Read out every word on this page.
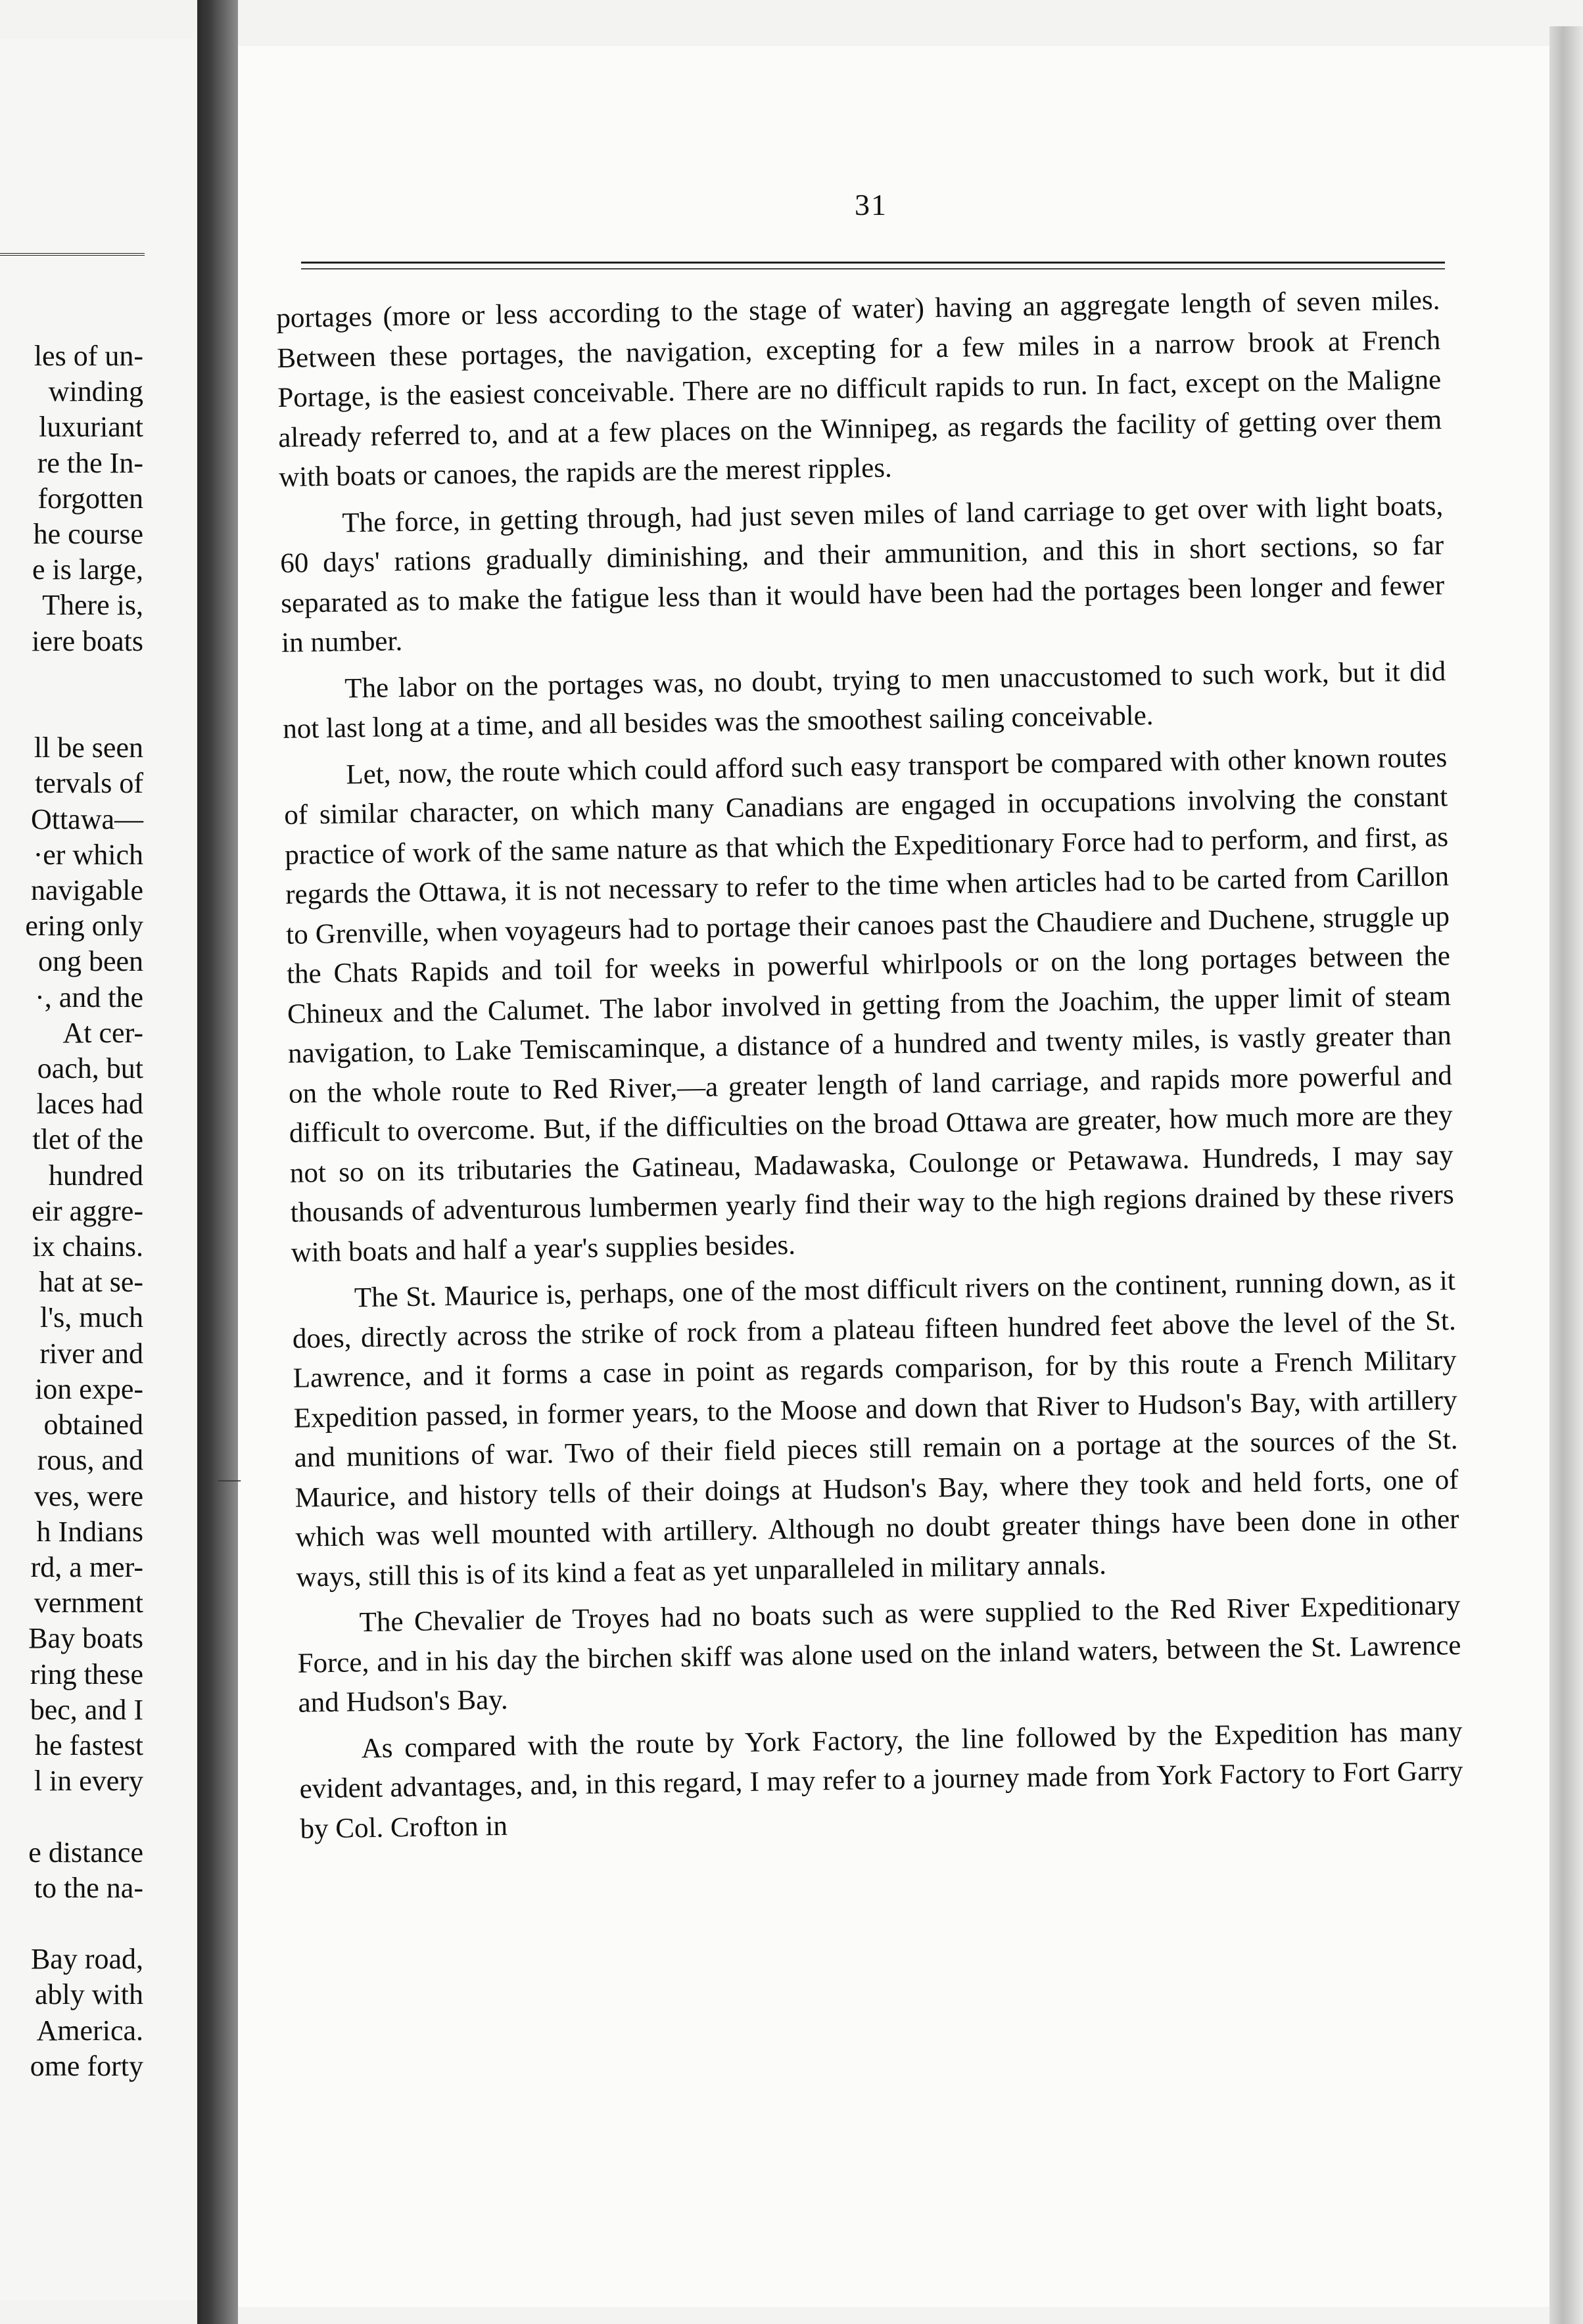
les of un-
winding
luxuriant
re the In-
forgotten
he course
e is large,
There is,
iere boats

ll be seen
tervals of
Ottawa—
·er which
navigable
ering only
ong been
·, and the
At cer-
oach, but
laces had
tlet of the
hundred
eir aggre-
ix chains.
hat at se-
l's, much
river and
ion expe-
obtained
rous, and
ves, were
h Indians
rd, a mer-
vernment
Bay boats
ring these
bec, and I
he fastest
l in every

e distance
to the na-

Bay road,
ably with
America.
ome forty
31

portages (more or less according to the stage of water) having an aggregate length of seven miles. Between these portages, the navigation, excepting for a few miles in a narrow brook at French Portage, is the easiest conceivable. There are no difficult rapids to run. In fact, except on the Maligne already referred to, and at a few places on the Winnipeg, as regards the facility of getting over them with boats or canoes, the rapids are the merest ripples.

The force, in getting through, had just seven miles of land carriage to get over with light boats, 60 days' rations gradually diminishing, and their ammunition, and this in short sections, so far separated as to make the fatigue less than it would have been had the portages been longer and fewer in number.

The labor on the portages was, no doubt, trying to men unaccustomed to such work, but it did not last long at a time, and all besides was the smoothest sailing conceivable.

Let, now, the route which could afford such easy transport be compared with other known routes of similar character, on which many Canadians are engaged in occupations involving the constant practice of work of the same nature as that which the Expeditionary Force had to perform, and first, as regards the Ottawa, it is not necessary to refer to the time when articles had to be carted from Carillon to Grenville, when voyageurs had to portage their canoes past the Chaudiere and Duchene, struggle up the Chats Rapids and toil for weeks in powerful whirlpools or on the long portages between the Chineux and the Calumet. The labor involved in getting from the Joachim, the upper limit of steam navigation, to Lake Temiscaminque, a distance of a hundred and twenty miles, is vastly greater than on the whole route to Red River,—a greater length of land carriage, and rapids more powerful and difficult to overcome. But, if the difficulties on the broad Ottawa are greater, how much more are they not so on its tributaries the Gatineau, Madawaska, Coulonge or Petawawa. Hundreds, I may say thousands of adventurous lumbermen yearly find their way to the high regions drained by these rivers with boats and half a year's supplies besides.

The St. Maurice is, perhaps, one of the most difficult rivers on the continent, running down, as it does, directly across the strike of rock from a plateau fifteen hundred feet above the level of the St. Lawrence, and it forms a case in point as regards comparison, for by this route a French Military Expedition passed, in former years, to the Moose and down that River to Hudson's Bay, with artillery and munitions of war. Two of their field pieces still remain on a portage at the sources of the St. Maurice, and history tells of their doings at Hudson's Bay, where they took and held forts, one of which was well mounted with artillery. Although no doubt greater things have been done in other ways, still this is of its kind a feat as yet unparalleled in military annals.

The Chevalier de Troyes had no boats such as were supplied to the Red River Expeditionary Force, and in his day the birchen skiff was alone used on the inland waters, between the St. Lawrence and Hudson's Bay.

As compared with the route by York Factory, the line followed by the Expedition has many evident advantages, and, in this regard, I may refer to a journey made from York Factory to Fort Garry by Col. Crofton in

—
